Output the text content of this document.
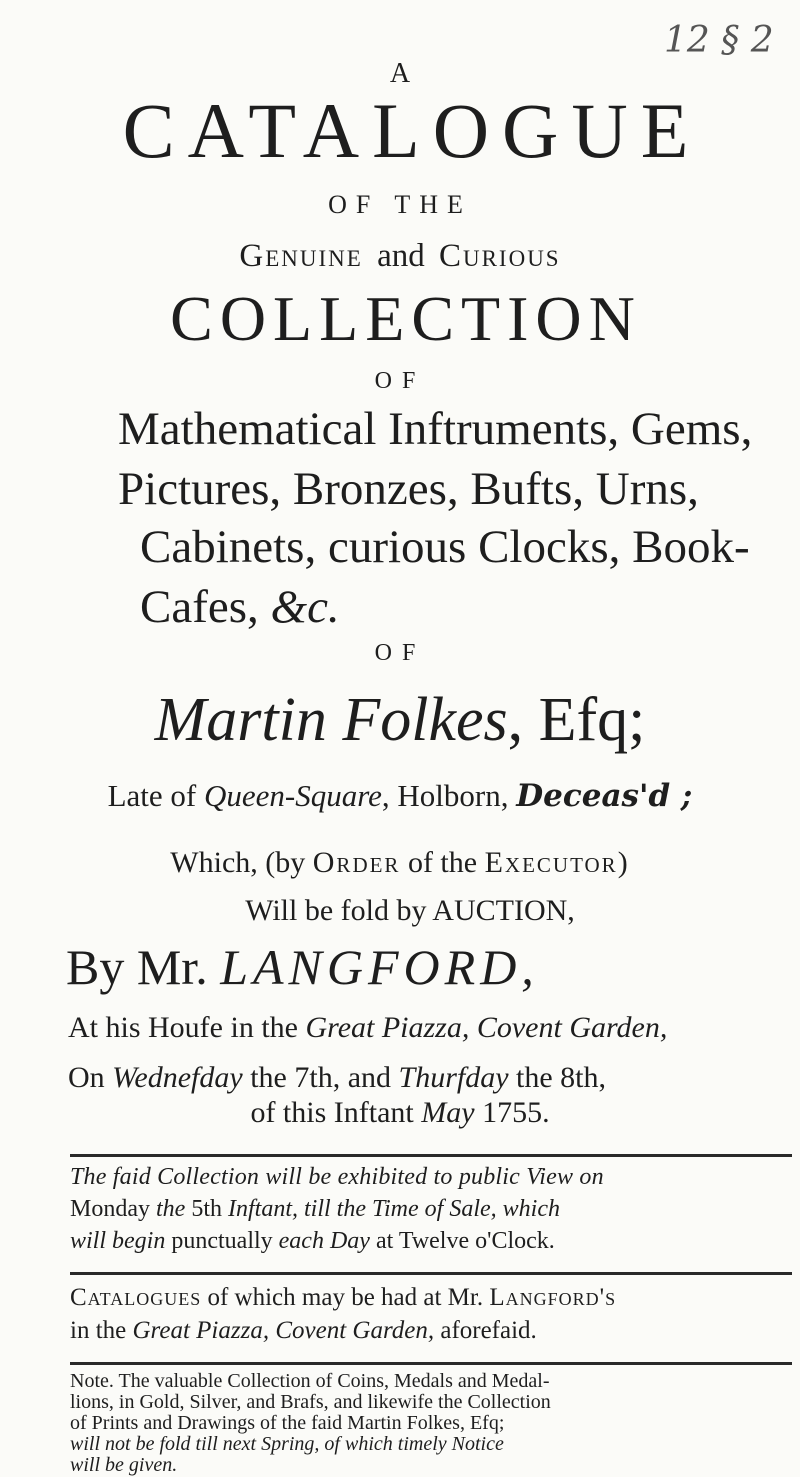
12 § 2
A
CATALOGUE
OF THE
Genuine and Curious
COLLECTION
OF
Mathematical Inftruments, Gems,
Pictures, Bronzes, Bufts, Urns,
Cabinets, curious Clocks, Book-
Cafes, &c.
OF
Martin Folkes, Efq;
Late of Queen-Square, Holborn, Deceas'd ;
Which, (by Order of the Executor)
Will be fold by AUCTION,
By Mr. LANGFORD,
At his Houfe in the Great Piazza, Covent Garden,
On Wednefday the 7th, and Thurfday the 8th,
of this Inftant May 1755.
The faid Collection will be exhibited to public View on
Monday the 5th Inftant, till the Time of Sale, which
will begin punctually each Day at Twelve o'Clock.
Catalogues of which may be had at Mr. Langford's
in the Great Piazza, Covent Garden, aforefaid.
Note. The valuable Collection of Coins, Medals and Medal-
lions, in Gold, Silver, and Brafs, and likewife the Collection
of Prints and Drawings of the faid Martin Folkes, Efq;
will not be fold till next Spring, of which timely Notice
will be given.
